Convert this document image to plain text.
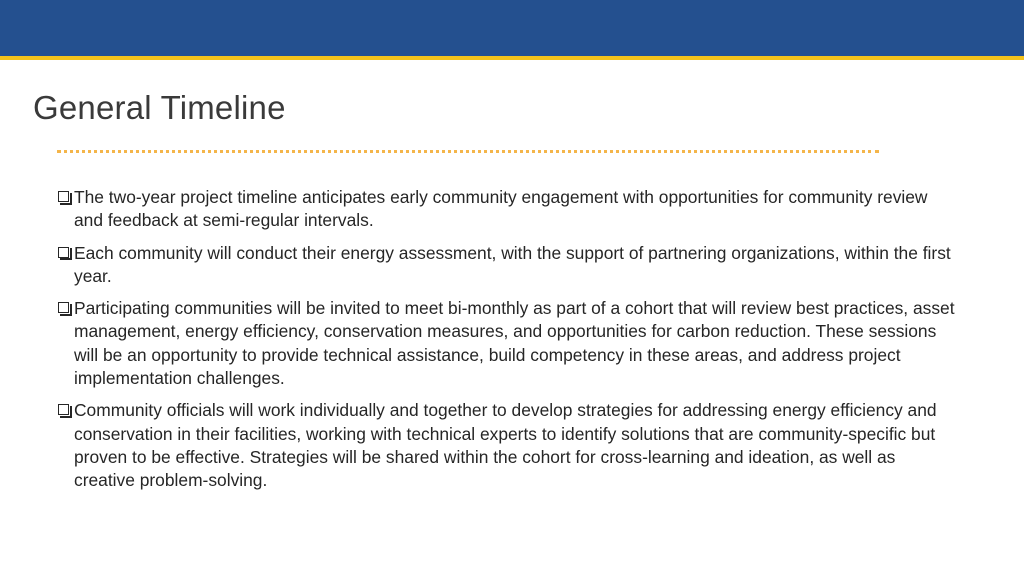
General Timeline
The two-year project timeline anticipates early community engagement with opportunities for community review and feedback at semi-regular intervals.
Each community will conduct their energy assessment, with the support of partnering organizations, within the first year.
Participating communities will be invited to meet bi-monthly as part of a cohort that will review best practices, asset management, energy efficiency, conservation measures, and opportunities for carbon reduction. These sessions will be an opportunity to provide technical assistance, build competency in these areas, and address project implementation challenges.
Community officials will work individually and together to develop strategies for addressing energy efficiency and conservation in their facilities, working with technical experts to identify solutions that are community-specific but proven to be effective. Strategies will be shared within the cohort for cross-learning and ideation, as well as creative problem-solving.
